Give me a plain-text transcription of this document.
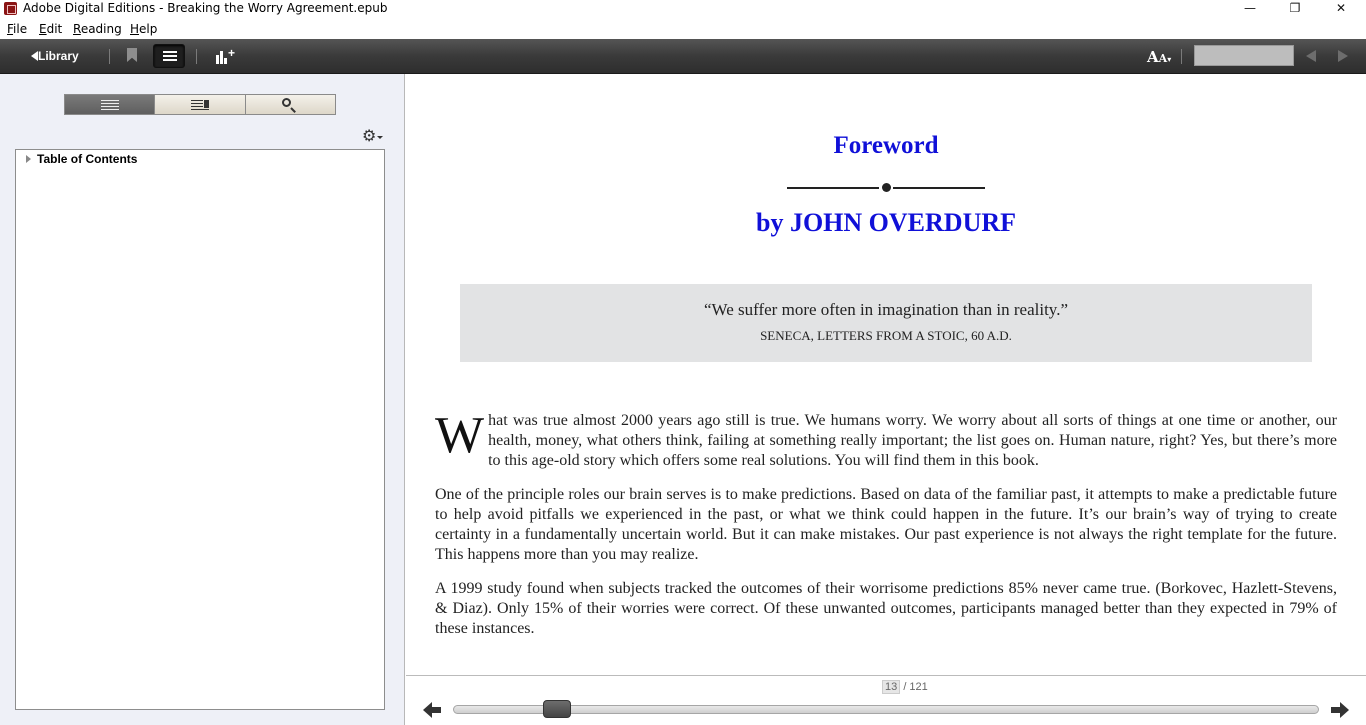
Adobe Digital Editions - Breaking the Worry Agreement.epub	—	❐	✕
File Edit Reading Help
Library	+	AA▾
⚙
Table of Contents	Foreword
by JOHN OVERDURF
“We suffer more often in imagination than in reality.”
SENECA, LETTERS FROM A STOIC, 60 A.D.

What was true almost 2000 years ago still is true. We humans worry. We worry about all sorts of things at one time or another, our health, money, what others think, failing at something really important; the list goes on. Human nature, right? Yes, but there’s more to this age-old story which offers some real solutions. You will find them in this book.

One of the principle roles our brain serves is to make predictions. Based on data of the familiar past, it attempts to make a predictable future to help avoid pitfalls we experienced in the past, or what we think could happen in the future. It’s our brain’s way of trying to create certainty in a fundamentally uncertain world. But it can make mistakes. Our past experience is not always the right template for the future. This happens more than you may realize.

A 1999 study found when subjects tracked the outcomes of their worrisome predictions 85% never came true. (Borkovec, Hazlett-Stevens, & Diaz). Only 15% of their worries were correct. Of these unwanted outcomes, participants managed better than they expected in 79% of these instances.

13 / 121
